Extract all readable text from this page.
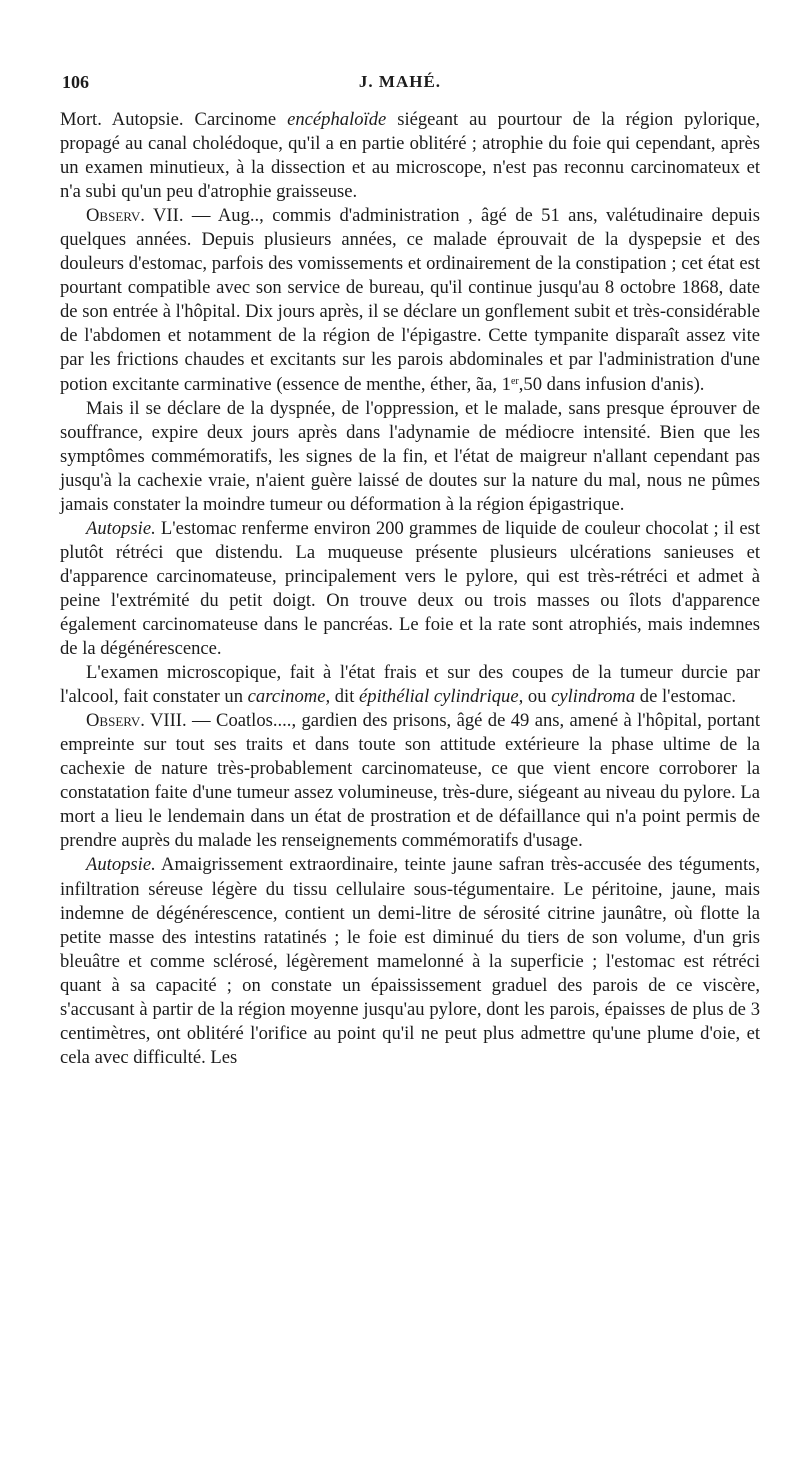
106	J. MAHÉ.

Mort. Autopsie. Carcinome encéphaloïde siégeant au pourtour de la région pylorique, propagé au canal cholédoque, qu'il a en partie oblitéré ; atrophie du foie qui cependant, après un examen minutieux, à la dissection et au microscope, n'est pas reconnu carcinomateux et n'a subi qu'un peu d'atrophie graisseuse.

Observ. VII. — Aug.., commis d'administration , âgé de 51 ans, valétudinaire depuis quelques années. Depuis plusieurs années, ce malade éprouvait de la dyspepsie et des douleurs d'estomac, parfois des vomissements et ordinairement de la constipation ; cet état est pourtant compatible avec son service de bureau, qu'il continue jusqu'au 8 octobre 1868, date de son entrée à l'hôpital. Dix jours après, il se déclare un gonflement subit et très-considérable de l'abdomen et notamment de la région de l'épigastre. Cette tympanite disparaît assez vite par les frictions chaudes et excitants sur les parois abdominales et par l'administration d'une potion excitante carminative (essence de menthe, éther, ãa, 1er,50 dans infusion d'anis).

Mais il se déclare de la dyspnée, de l'oppression, et le malade, sans presque éprouver de souffrance, expire deux jours après dans l'adynamie de médiocre intensité. Bien que les symptômes commémoratifs, les signes de la fin, et l'état de maigreur n'allant cependant pas jusqu'à la cachexie vraie, n'aient guère laissé de doutes sur la nature du mal, nous ne pûmes jamais constater la moindre tumeur ou déformation à la région épigastrique.

Autopsie. L'estomac renferme environ 200 grammes de liquide de couleur chocolat ; il est plutôt rétréci que distendu. La muqueuse présente plusieurs ulcérations sanieuses et d'apparence carcinomateuse, principalement vers le pylore, qui est très-rétréci et admet à peine l'extrémité du petit doigt. On trouve deux ou trois masses ou îlots d'apparence également carcinomateuse dans le pancréas. Le foie et la rate sont atrophiés, mais indemnes de la dégénérescence.

L'examen microscopique, fait à l'état frais et sur des coupes de la tumeur durcie par l'alcool, fait constater un carcinome, dit épithélial cylindrique, ou cylindroma de l'estomac.

Observ. VIII. — Coatlos...., gardien des prisons, âgé de 49 ans, amené à l'hôpital, portant empreinte sur tout ses traits et dans toute son attitude extérieure la phase ultime de la cachexie de nature très-probablement carcinomateuse, ce que vient encore corroborer la constatation faite d'une tumeur assez volumineuse, très-dure, siégeant au niveau du pylore. La mort a lieu le lendemain dans un état de prostration et de défaillance qui n'a point permis de prendre auprès du malade les renseignements commémoratifs d'usage.

Autopsie. Amaigrissement extraordinaire, teinte jaune safran très-accusée des téguments, infiltration séreuse légère du tissu cellulaire sous-tégumentaire. Le péritoine, jaune, mais indemne de dégénérescence, contient un demi-litre de sérosité citrine jaunâtre, où flotte la petite masse des intestins ratatinés ; le foie est diminué du tiers de son volume, d'un gris bleuâtre et comme sclérosé, légèrement mamelonné à la superficie ; l'estomac est rétréci quant à sa capacité ; on constate un épaississement graduel des parois de ce viscère, s'accusant à partir de la région moyenne jusqu'au pylore, dont les parois, épaisses de plus de 3 centimètres, ont oblitéré l'orifice au point qu'il ne peut plus admettre qu'une plume d'oie, et cela avec difficulté. Les
